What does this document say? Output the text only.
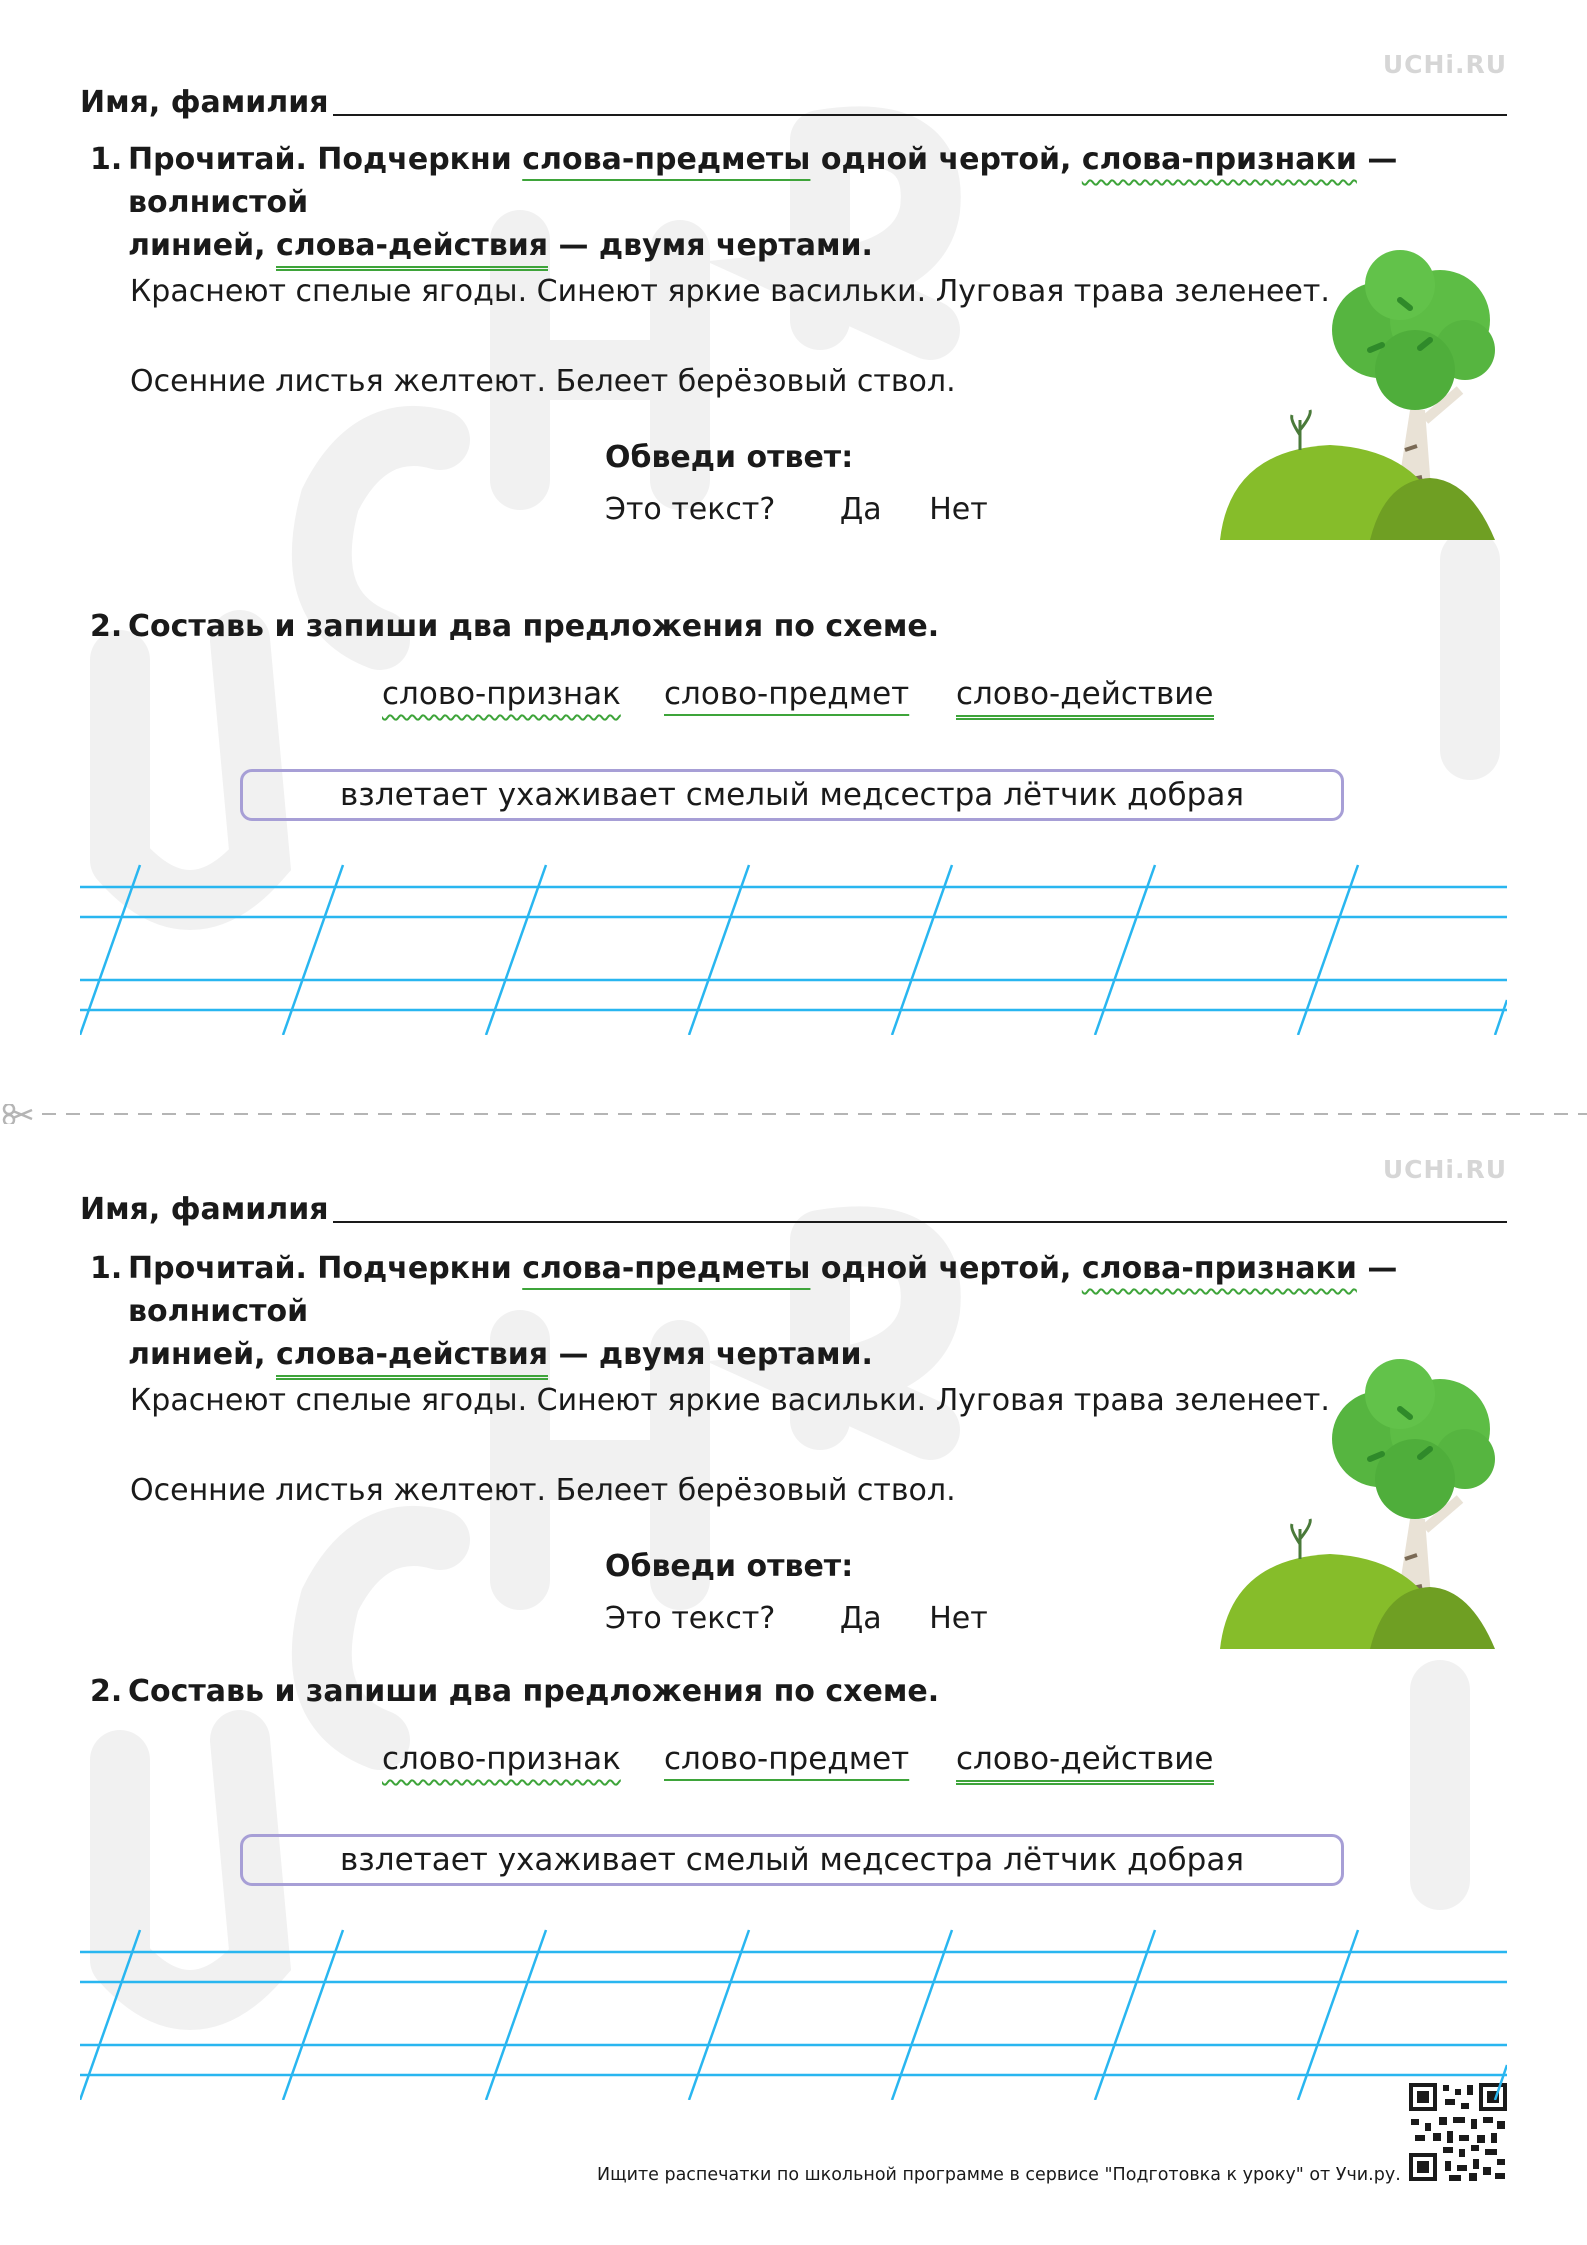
UCHi.RU
Имя, фамилия
1. Прочитай. Подчеркни слова-предметы одной чертой, слова-признаки — волнистой
линией, слова-действия — двумя чертами.
Краснеют спелые ягоды. Синеют яркие васильки. Луговая трава зеленеет.
Осенние листья желтеют. Белеет берёзовый ствол.
Обведи ответ:
Это текст? Да Нет
2. Составь и запиши два предложения по схеме.
слово-признак слово-предмет слово-действие
взлетает ухаживает смелый медсестра лётчик добрая
UCHi.RU
Имя, фамилия
1. Прочитай. Подчеркни слова-предметы одной чертой, слова-признаки — волнистой
линией, слова-действия — двумя чертами.
Краснеют спелые ягоды. Синеют яркие васильки. Луговая трава зеленеет.
Осенние листья желтеют. Белеет берёзовый ствол.
Обведи ответ:
Это текст? Да Нет
2. Составь и запиши два предложения по схеме.
слово-признак слово-предмет слово-действие
взлетает ухаживает смелый медсестра лётчик добрая
Ищите распечатки по школьной программе в сервисе "Подготовка к уроку" от Учи.ру.
